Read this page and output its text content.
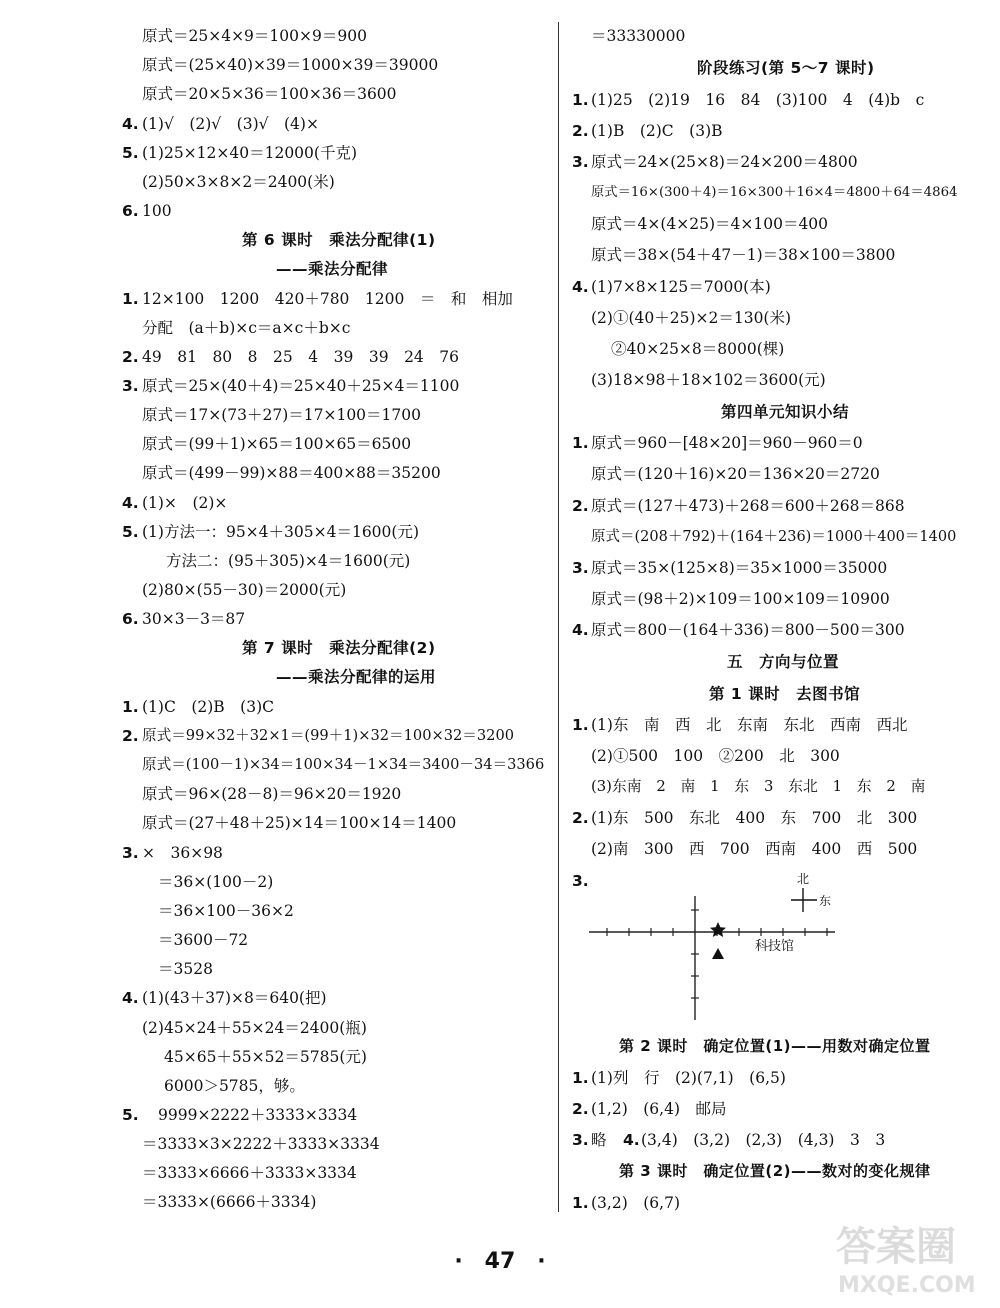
原式＝25×4×9＝100×9＝900
原式＝(25×40)×39＝1000×39＝39000
原式＝20×5×36＝100×36＝3600
4. (1)√　(2)√　(3)√　(4)×
5. (1)25×12×40＝12000(千克)
(2)50×3×8×2＝2400(米)
6. 100
第 6 课时　乘法分配律(1)
——乘法分配律
1. 12×100　1200　420＋780　1200　＝　和　相加
分配　(a＋b)×c＝a×c＋b×c
2. 49　81　80　8　25　4　39　39　24　76
3. 原式＝25×(40＋4)＝25×40＋25×4＝1100
原式＝17×(73＋27)＝17×100＝1700
原式＝(99＋1)×65＝100×65＝6500
原式＝(499－99)×88＝400×88＝35200
4. (1)×　(2)×
5. (1)方法一：95×4＋305×4＝1600(元)
方法二：(95＋305)×4＝1600(元)
(2)80×(55－30)＝2000(元)
6. 30×3－3＝87
第 7 课时　乘法分配律(2)
——乘法分配律的运用
1. (1)C　(2)B　(3)C
2. 原式＝99×32＋32×1＝(99＋1)×32＝100×32＝3200
原式＝(100－1)×34＝100×34－1×34＝3400－34＝3366
原式＝96×(28－8)＝96×20＝1920
原式＝(27＋48＋25)×14＝100×14＝1400
3. ×　36×98
＝36×(100－2)
＝36×100－36×2
＝3600－72
＝3528
4. (1)(43＋37)×8＝640(把)
(2)45×24＋55×24＝2400(瓶)
45×65＋55×52＝5785(元)
6000＞5785，够。
5. 9999×2222＋3333×3334
＝3333×3×2222＋3333×3334
＝3333×6666＋3333×3334
＝3333×(6666＋3334)
＝33330000
阶段练习(第 5～7 课时)
1. (1)25　(2)19　16　84　(3)100　4　(4)b　c
2. (1)B　(2)C　(3)B
3. 原式＝24×(25×8)＝24×200＝4800
原式＝16×(300＋4)＝16×300＋16×4＝4800＋64＝4864
原式＝4×(4×25)＝4×100＝400
原式＝38×(54＋47－1)＝38×100＝3800
4. (1)7×8×125＝7000(本)
(2)①(40＋25)×2＝130(米)
②40×25×8＝8000(棵)
(3)18×98＋18×102＝3600(元)
第四单元知识小结
1. 原式＝960－[48×20]＝960－960＝0
原式＝(120＋16)×20＝136×20＝2720
2. 原式＝(127＋473)＋268＝600＋268＝868
原式＝(208＋792)＋(164＋236)＝1000＋400＝1400
3. 原式＝35×(125×8)＝35×1000＝35000
原式＝(98＋2)×109＝100×109＝10900
4. 原式＝800－(164＋336)＝800－500＝300
五　方向与位置
第 1 课时　去图书馆
1. (1)东　南　西　北　东南　东北　西南　西北
(2)①500　100　②200　北　300
(3)东南　2　南　1　东　3　东北　1　东　2　南
2. (1)东　500　东北　400　东　700　北　300
(2)南　300　西　700　西南　400　西　500
3.
第 2 课时　确定位置(1)——用数对确定位置
1. (1)列　行　(2)(7,1)　(6,5)
2. (1,2)　(6,4)　邮局
3. 略 4. (3,4)　(3,2)　(2,3)　(4,3)　3　3
第 3 课时　确定位置(2)——数对的变化规律
1. (3,2)　(6,7)
科技馆
北
东
·　47　·	答案圈
MXQE.COM
